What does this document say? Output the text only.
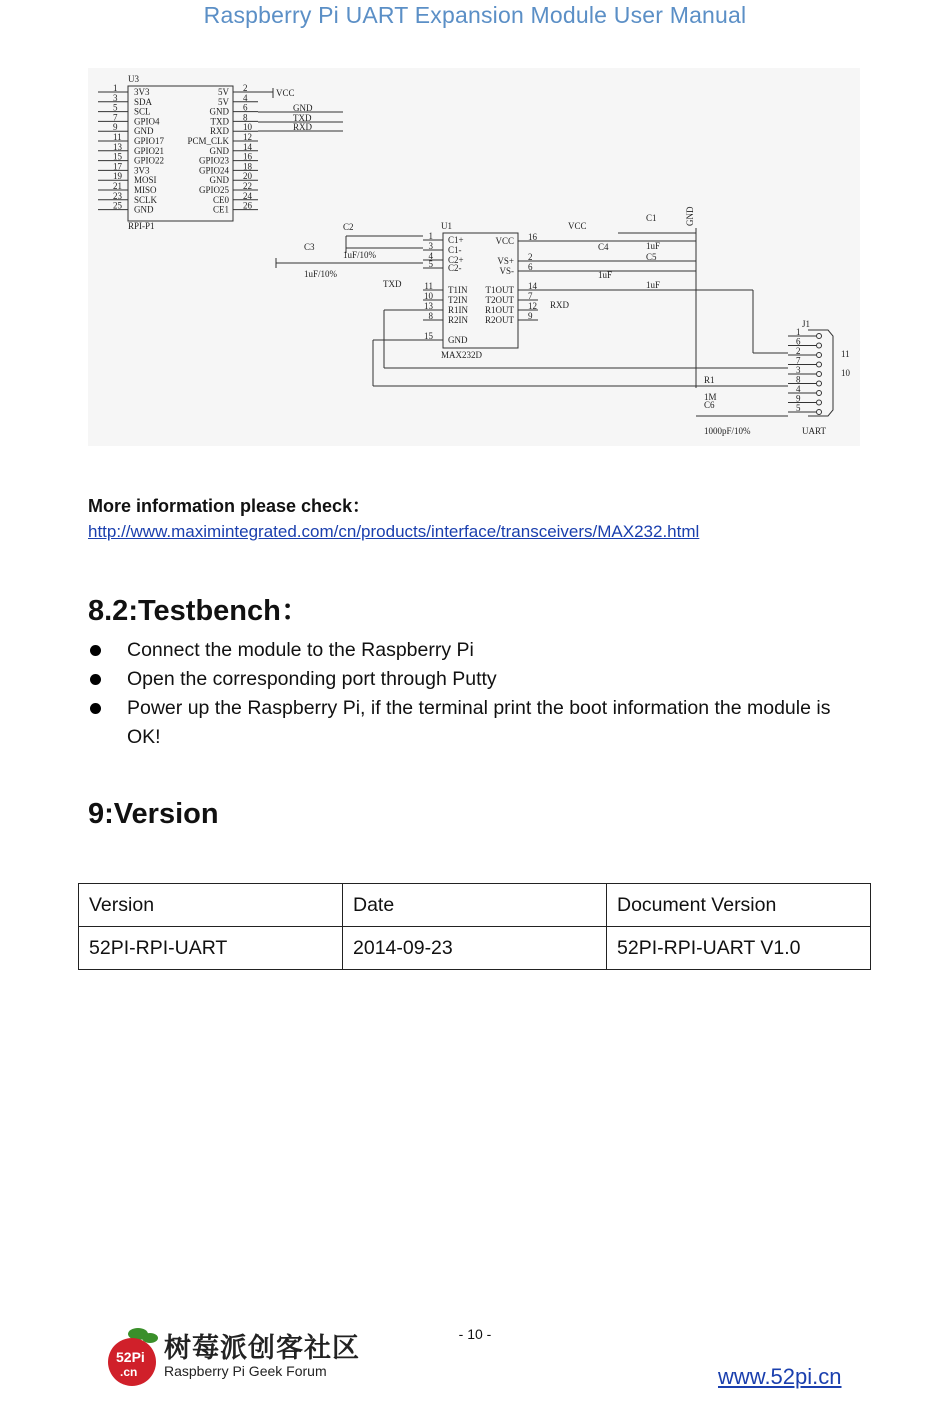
Raspberry Pi UART Expansion Module User Manual
U3
RPI-P1
1 3V3
3 SDA
5 SCL
7 GPIO4
9 GND
11 GPIO17
13 GPIO21
15 GPIO22
17 3V3
19 MOSI
21 MISO
23 SCLK
25 GND
5V 2
5V 4
GND 6
TXD 8
RXD 10
PCM_CLK 12
GND 14
GPIO23 16
GPIO24 18
GND 20
GPIO25 22
CE0 24
CE1 26
VCC
GND
TXD
RXD
U1
MAX232D
1 C1+
3 C1-
4 C2+
5 C2-
11 T1IN
10 T2IN
13 R1IN
8 R2IN
15 GND
VCC 16
VS+ 2
VS- 6
T1OUT 14
T2OUT 7
R1OUT 12
R2OUT 9
C2
1uF/10%
C3
1uF/10%
VCC
C4
1uF
C1
1uF
C5
1uF
GND
TXD
RXD
R1
1M
C6
1000pF/10%
J1
1
6
2
7
3
8
4
9
5
11
10
UART
More information please check：
http://www.maximintegrated.com/cn/products/interface/transceivers/MAX232.html
8.2:Testbench：
Connect the module to the Raspberry Pi
Open the corresponding port through Putty
Power up the Raspberry Pi, if the terminal print the boot information the module is OK!
9:Version
Version	Date	Document Version
52PI-RPI-UART	2014-09-23	52PI-RPI-UART V1.0
- 10 -
52Pi
.cn
树莓派创客社区
Raspberry Pi Geek Forum	www.52pi.cn
